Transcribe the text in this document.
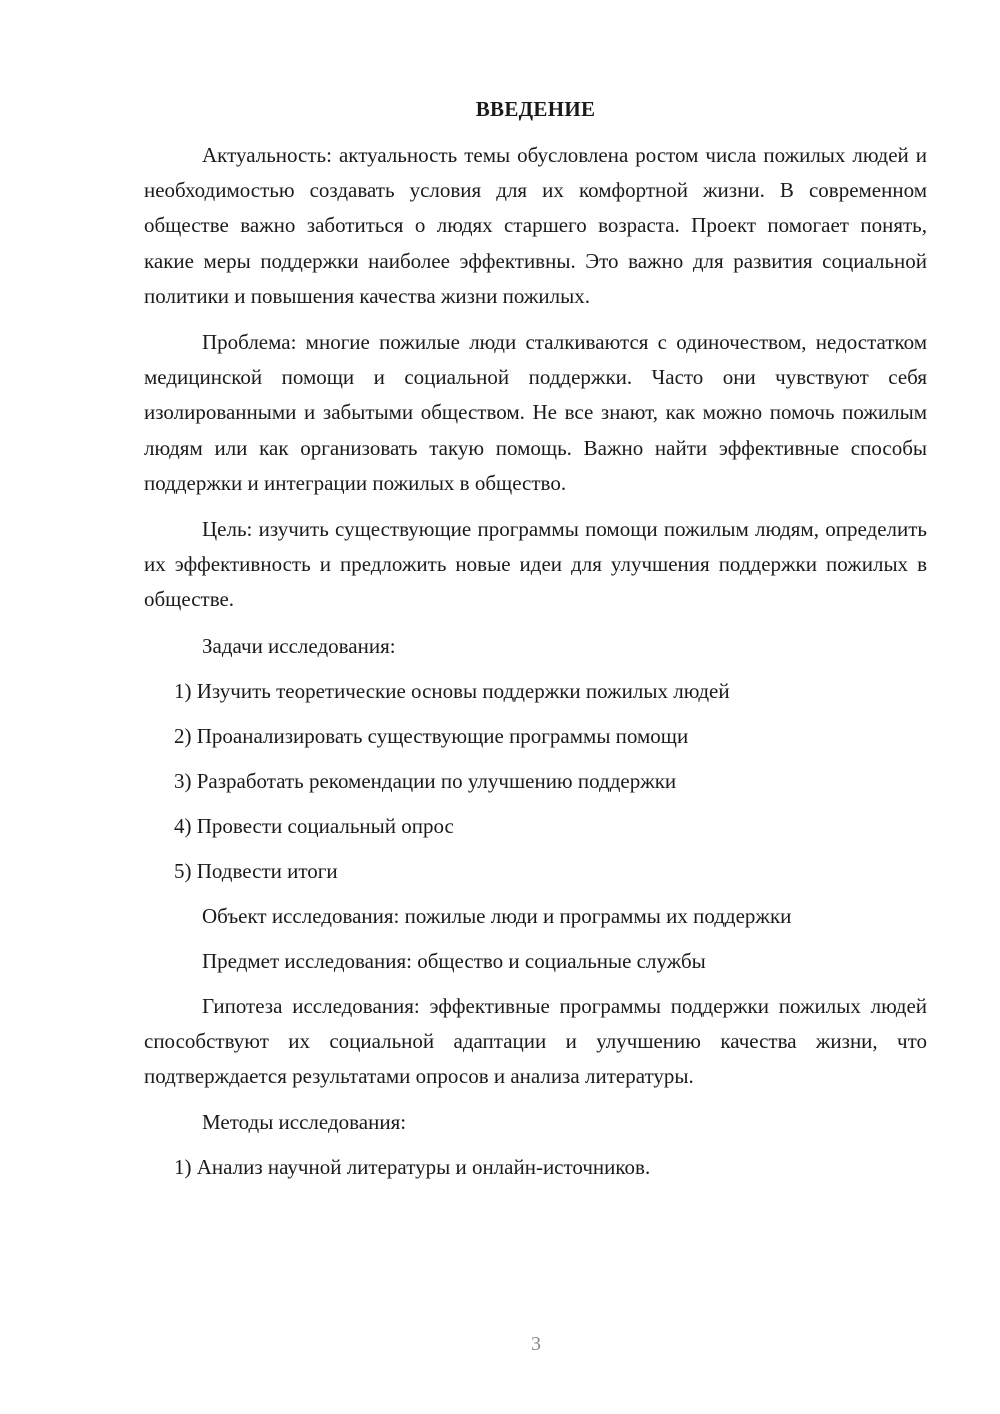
ВВЕДЕНИЕ

Актуальность: актуальность темы обусловлена ростом числа пожилых людей и необходимостью создавать условия для их комфортной жизни. В современном обществе важно заботиться о людях старшего возраста. Проект помогает понять, какие меры поддержки наиболее эффективны. Это важно для развития социальной политики и повышения качества жизни пожилых.

Проблема: многие пожилые люди сталкиваются с одиночеством, недостатком медицинской помощи и социальной поддержки. Часто они чувствуют себя изолированными и забытыми обществом. Не все знают, как можно помочь пожилым людям или как организовать такую помощь. Важно найти эффективные способы поддержки и интеграции пожилых в общество.

Цель: изучить существующие программы помощи пожилым людям, определить их эффективность и предложить новые идеи для улучшения поддержки пожилых в обществе.

Задачи исследования:
1) Изучить теоретические основы поддержки пожилых людей
2) Проанализировать существующие программы помощи
3) Разработать рекомендации по улучшению поддержки
4) Провести социальный опрос
5) Подвести итоги
Объект исследования: пожилые люди и программы их поддержки
Предмет исследования: общество и социальные службы

Гипотеза исследования: эффективные программы поддержки пожилых людей способствуют их социальной адаптации и улучшению качества жизни, что подтверждается результатами опросов и анализа литературы.

Методы исследования:
1) Анализ научной литературы и онлайн-источников.
3
